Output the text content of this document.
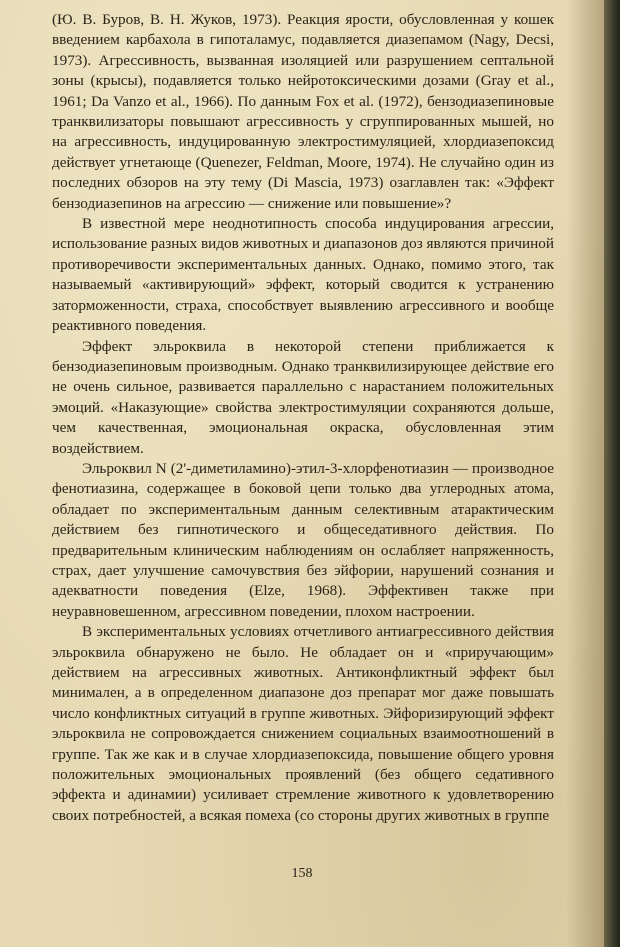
(Ю. В. Буров, В. Н. Жуков, 1973). Реакция ярости, обусловленная у кошек введением карбахола в гипоталамус, подавляется диазепамом (Nagy, Decsi, 1973). Агрессивность, вызванная изоляцией или разрушением септальной зоны (крысы), подавляется только нейротоксическими дозами (Gray et al., 1961; Da Vanzo et al., 1966). По данным Fox et al. (1972), бензодиазепиновые транквилизаторы повышают агрессивность у сгруппированных мышей, но на агрессивность, индуцированную электростимуляцией, хлордиазепоксид действует угнетающе (Quenezer, Feldman, Moore, 1974). Не случайно один из последних обзоров на эту тему (Di Mascia, 1973) озаглавлен так: «Эффект бензодиазепинов на агрессию — снижение или повышение»?

В известной мере неоднотипность способа индуцирования агрессии, использование разных видов животных и диапазонов доз являются причиной противоречивости экспериментальных данных. Однако, помимо этого, так называемый «активирующий» эффект, который сводится к устранению заторможенности, страха, способствует выявлению агрессивного и вообще реактивного поведения.

Эффект эльроквила в некоторой степени приближается к бензодиазепиновым производным. Однако транквилизирующее действие его не очень сильное, развивается параллельно с нарастанием положительных эмоций. «Наказующие» свойства электростимуляции сохраняются дольше, чем качественная, эмоциональная окраска, обусловленная этим воздействием.

Эльроквил N (2'-диметиламино)-этил-3-хлорфенотиазин — производное фенотиазина, содержащее в боковой цепи только два углеродных атома, обладает по экспериментальным данным селективным атарактическим действием без гипнотического и общеседативного действия. По предварительным клиническим наблюдениям он ослабляет напряженность, страх, дает улучшение самочувствия без эйфории, нарушений сознания и адекватности поведения (Elze, 1968). Эффективен также при неуравновешенном, агрессивном поведении, плохом настроении.

В экспериментальных условиях отчетливого антиагрессивного действия эльроквила обнаружено не было. Не обладает он и «приручающим» действием на агрессивных животных. Антиконфликтный эффект был минимален, а в определенном диапазоне доз препарат мог даже повышать число конфликтных ситуаций в группе животных. Эйфоризирующий эффект эльроквила не сопровождается снижением социальных взаимоотношений в группе. Так же как и в случае хлордиазепоксида, повышение общего уровня положительных эмоциональных проявлений (без общего седативного эффекта и адинамии) усиливает стремление животного к удовлетворению своих потребностей, а всякая помеха (со стороны других животных в группе

158
